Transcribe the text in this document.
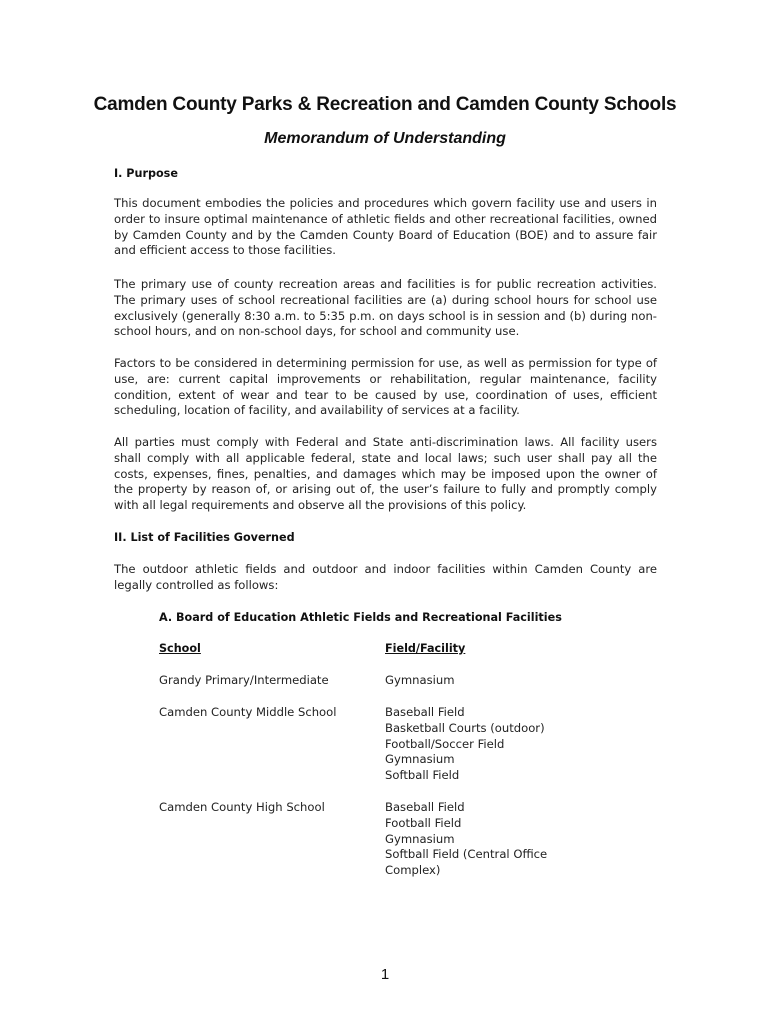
Camden County Parks & Recreation and Camden County Schools
Memorandum of Understanding
I. Purpose
This document embodies the policies and procedures which govern facility use and users in order to insure optimal maintenance of athletic fields and other recreational facilities, owned by Camden County and by the Camden County Board of Education (BOE) and to assure fair and efficient access to those facilities.
The primary use of county recreation areas and facilities is for public recreation activities. The primary uses of school recreational facilities are (a) during school hours for school use exclusively (generally 8:30 a.m. to 5:35 p.m. on days school is in session and (b) during non-school hours, and on non-school days, for school and community use.
Factors to be considered in determining permission for use, as well as permission for type of use, are: current capital improvements or rehabilitation, regular maintenance, facility condition, extent of wear and tear to be caused by use, coordination of uses, efficient scheduling, location of facility, and availability of services at a facility.
All parties must comply with Federal and State anti-discrimination laws. All facility users shall comply with all applicable federal, state and local laws; such user shall pay all the costs, expenses, fines, penalties, and damages which may be imposed upon the owner of the property by reason of, or arising out of, the user’s failure to fully and promptly comply with all legal requirements and observe all the provisions of this policy.
II. List of Facilities Governed
The outdoor athletic fields and outdoor and indoor facilities within Camden County are legally controlled as follows:
A. Board of Education Athletic Fields and Recreational Facilities
School	Field/Facility
Grandy Primary/Intermediate	Gymnasium
Camden County Middle School	Baseball Field
Basketball Courts (outdoor)
Football/Soccer Field
Gymnasium
Softball Field
Camden County High School	Baseball Field
Football Field
Gymnasium
Softball Field (Central Office
Complex)
1
